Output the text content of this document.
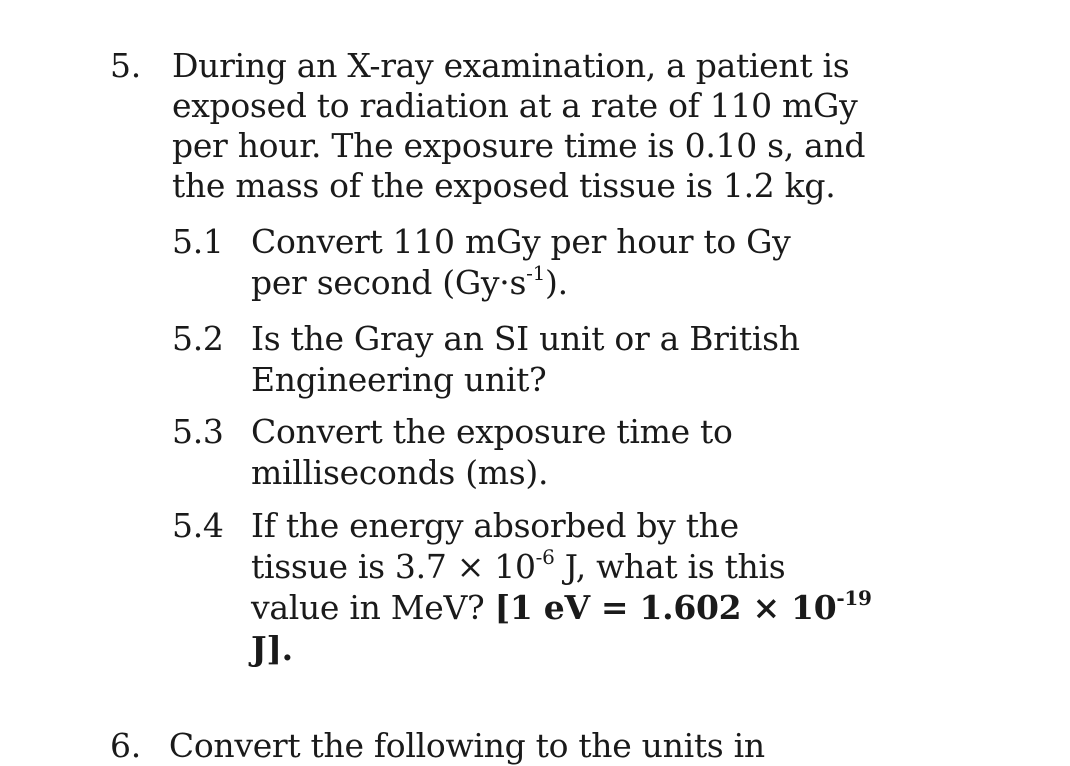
5. During an X-ray examination, a patient is
exposed to radiation at a rate of 110 mGy
per hour. The exposure time is 0.10 s, and
the mass of the exposed tissue is 1.2 kg.
5.1 Convert 110 mGy per hour to Gy
per second $(Gy\cdot s^{-1})$.
5.2 Is the Gray an SI unit or a British
Engineering unit?
5.3 Convert the exposure time to
milliseconds (ms).
5.4 If the energy absorbed by the
tissue is $3.7 \times 10^{-6}$ J, what is this
value in MeV? [1 eV = $1.602 \times 10^{-19}$
J].
6. Convert the following to the units in
